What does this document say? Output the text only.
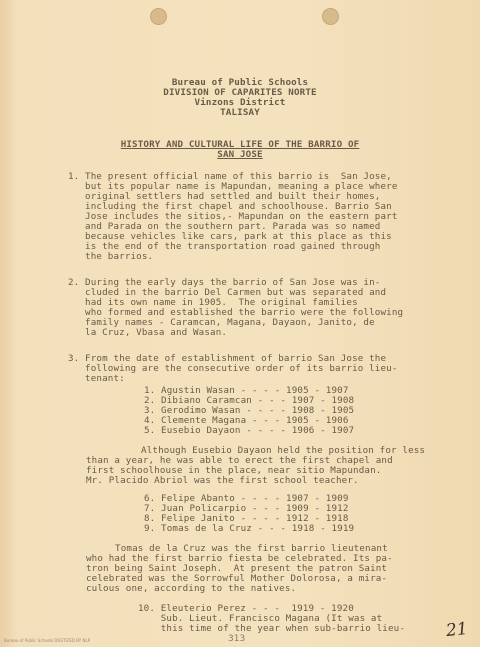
Bureau of Public Schools
DIVISION OF CAPARITES NORTE
Vinzons District
TALISAY
HISTORY AND CULTURAL LIFE OF THE BARRIO OF
SAN JOSE
1. The present official name of this barrio is  San Jose,
but its popular name is Mapundan, meaning a place where
original settlers had settled and built their homes,
including the first chapel and schoolhouse. Barrio San
Jose includes the sitios,- Mapundan on the eastern part
and Parada on the southern part. Parada was so named
because vehicles like cars, park at this place as this
is the end of the transportation road gained through
the barrios.
2. During the early days the barrio of San Jose was in-
cluded in the barrio Del Carmen but was separated and
had its own name in 1905.  The original families
who formed and established the barrio were the following
family names - Caramcan, Magana, Dayaon, Janito, de
la Cruz, Vbasa and Wasan.
3. From the date of establishment of barrio San Jose the
following are the consecutive order of its barrio lieu-
tenant:
1. Agustin Wasan - - - - 1905 - 1907
2. Dibiano Caramcan - - - 1907 - 1908
3. Gerodimo Wasan - - - - 1908 - 1905
4. Clemente Magana - - - 1905 - 1906
5. Eusebio Dayaon - - - - 1906 - 1907
Although Eusebio Dayaon held the position for less
than a year, he was able to erect the first chapel and
first schoolhouse in the place, near sitio Mapundan.
Mr. Placido Abriol was the first school teacher.
6. Felipe Abanto - - - - 1907 - 1909
7. Juan Policarpio - - - 1909 - 1912
8. Felipe Janito - - - - 1912 - 1918
9. Tomas de la Cruz - - - 1918 - 1919
Tomas de la Cruz was the first barrio lieutenant
who had the first barrio fiesta be celebrated. Its pa-
tron being Saint Joseph.  At present the patron Saint
celebrated was the Sorrowful Mother Dolorosa, a mira-
culous one, according to the natives.
10. Eleuterio Perez - - -  1919 - 1920
Sub. Lieut. Francisco Magana (It was at
this time of the year when sub-barrio lieu-
Bureau of Public Schools DIGITIZED BY NLP	313	21
